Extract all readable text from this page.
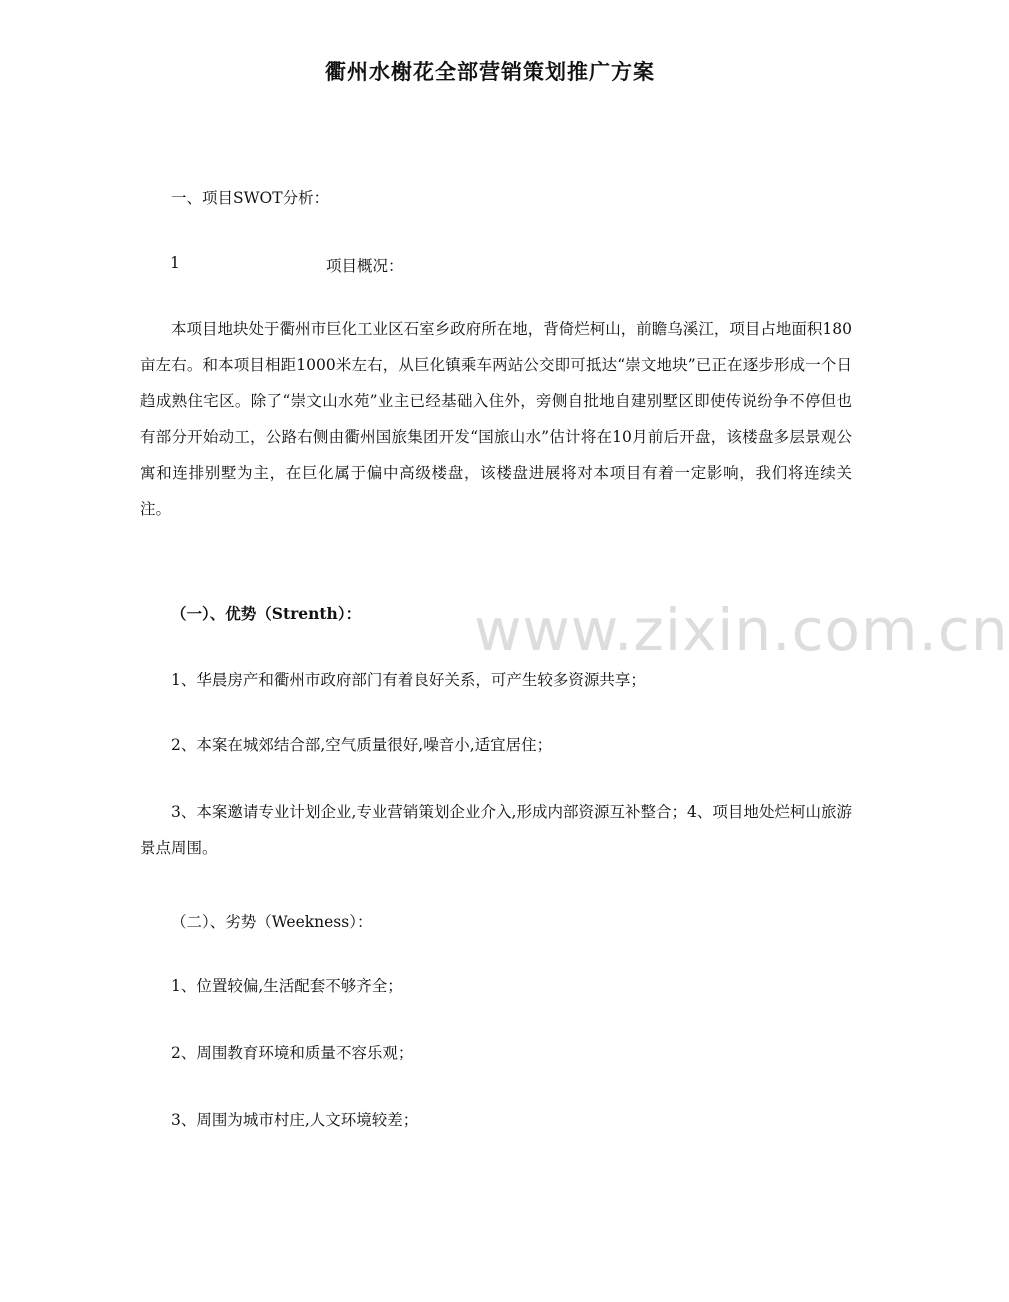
衢州水榭花全部营销策划推广方案
一、项目SWOT分析：
1	项目概况：
本项目地块处于衢州市巨化工业区石室乡政府所在地，背倚烂柯山，前瞻乌溪江，项目占地面积180亩左右。和本项目相距1000米左右，从巨化镇乘车两站公交即可抵达“崇文地块”已正在逐步形成一个日趋成熟住宅区。除了“崇文山水苑”业主已经基础入住外，旁侧自批地自建别墅区即使传说纷争不停但也有部分开始动工，公路右侧由衢州国旅集团开发“国旅山水”估计将在10月前后开盘，该楼盘多层景观公寓和连排别墅为主，在巨化属于偏中高级楼盘，该楼盘进展将对本项目有着一定影响，我们将连续关注。
（一）、优势（Strenth）：
1、华晨房产和衢州市政府部门有着良好关系，可产生较多资源共享；
2、本案在城郊结合部,空气质量很好,噪音小,适宜居住；
3、本案邀请专业计划企业,专业营销策划企业介入,形成内部资源互补整合；4、项目地处烂柯山旅游景点周围。
（二）、劣势（Weekness）：
1、位置较偏,生活配套不够齐全；
2、周围教育环境和质量不容乐观；
3、周围为城市村庄,人文环境较差；
www.zixin.com.cn
